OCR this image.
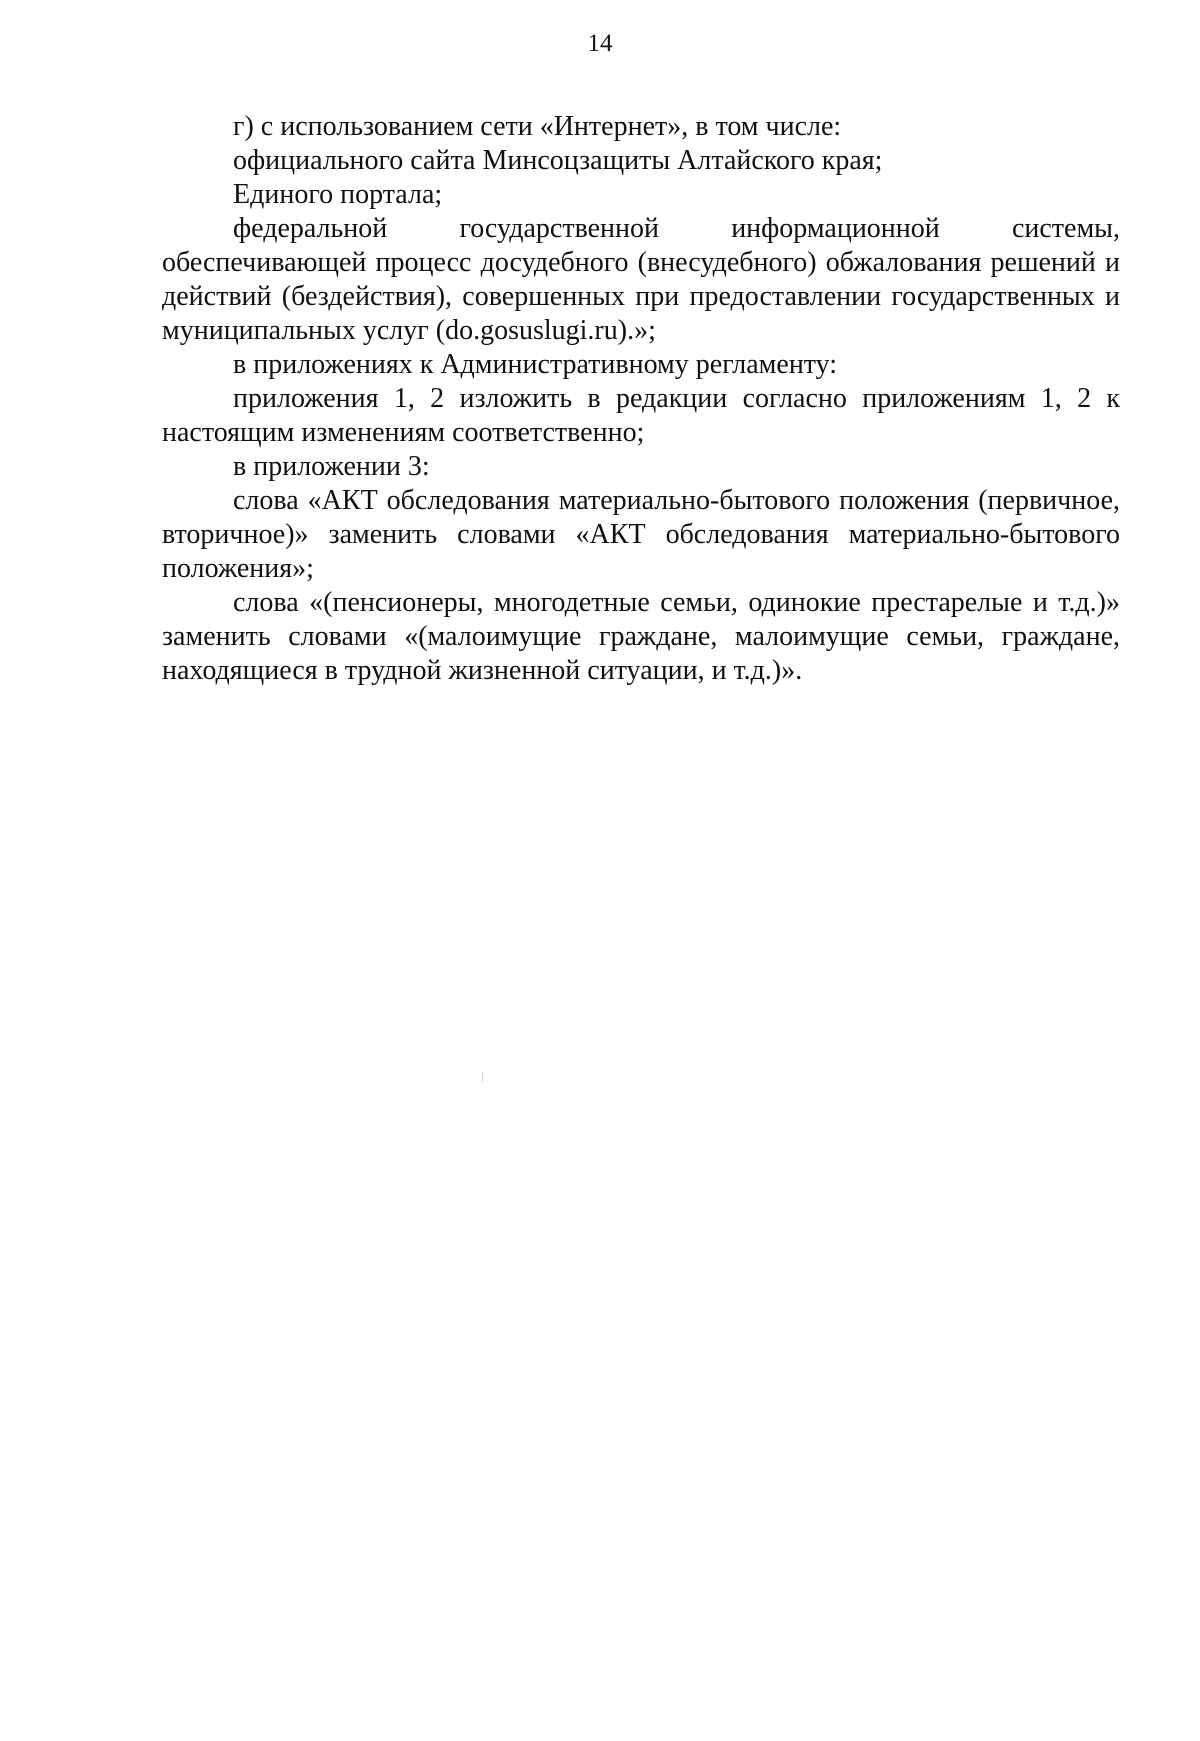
14

г) с использованием сети «Интернет», в том числе:

официального сайта Минсоцзащиты Алтайского края;

Единого портала;

федеральной государственной информационной системы, обеспечивающей процесс досудебного (внесудебного) обжалования решений и действий (бездействия), совершенных при предоставлении государственных и муниципальных услуг (do.gosuslugi.ru).»;

в приложениях к Административному регламенту:

приложения 1, 2 изложить в редакции согласно приложениям 1, 2 к настоящим изменениям соответственно;

в приложении 3:

слова «АКТ обследования материально-бытового положения (первичное, вторичное)» заменить словами «АКТ обследования материально-бытового положения»;

слова «(пенсионеры, многодетные семьи, одинокие престарелые и т.д.)» заменить словами «(малоимущие граждане, малоимущие семьи, граждане, находящиеся в трудной жизненной ситуации, и т.д.)».
